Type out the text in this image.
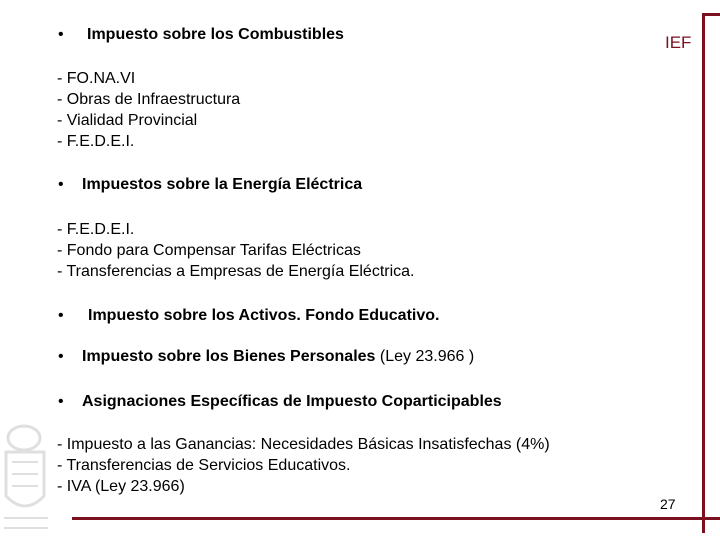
IEF
• Impuesto sobre los Combustibles
- FO.NA.VI
- Obras de Infraestructura
- Vialidad Provincial
- F.E.D.E.I.
• Impuestos sobre la Energía Eléctrica
- F.E.D.E.I.
- Fondo para Compensar Tarifas Eléctricas
- Transferencias a Empresas de Energía Eléctrica.
• Impuesto sobre los Activos. Fondo Educativo.
• Impuesto sobre los Bienes Personales (Ley 23.966 )
• Asignaciones Específicas de Impuesto Coparticipables
- Impuesto a las Ganancias: Necesidades Básicas Insatisfechas (4%)
- Transferencias de Servicios Educativos.
- IVA (Ley 23.966)
27
